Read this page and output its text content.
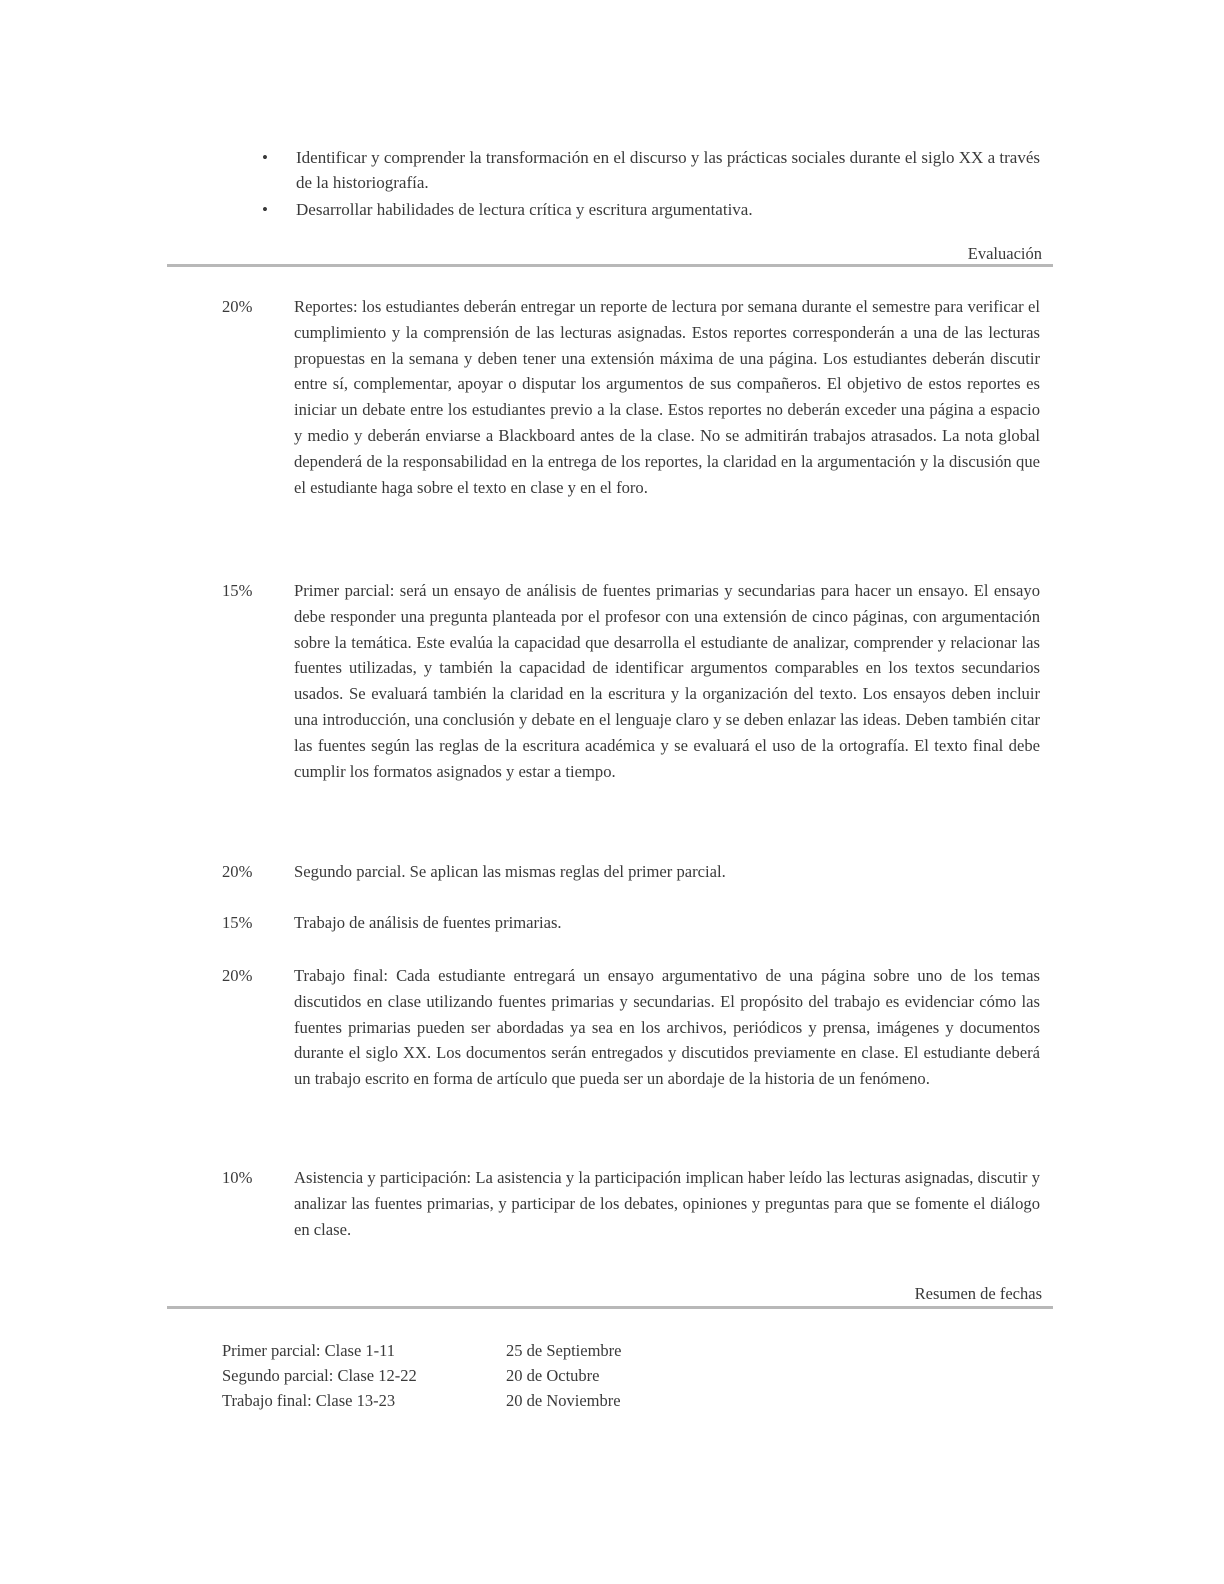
•	Identificar y comprender la transformación en el discurso y las prácticas sociales durante el siglo XX a través de la historiografía.
•	Desarrollar habilidades de lectura crítica y escritura argumentativa.
Evaluación
20%	Reportes: los estudiantes deberán entregar un reporte de lectura por semana durante el semestre para verificar el cumplimiento y la comprensión de las lecturas asignadas. Estos reportes corresponderán a una de las lecturas propuestas en la semana y deben tener una extensión máxima de una página. Los estudiantes deberán discutir entre sí, complementar, apoyar o disputar los argumentos de sus compañeros. El objetivo de estos reportes es iniciar un debate entre los estudiantes previo a la clase. Estos reportes no deberán exceder una página a espacio y medio y deberán enviarse a Blackboard antes de la clase. No se admitirán trabajos atrasados. La nota global dependerá de la responsabilidad en la entrega de los reportes, la claridad en la argumentación y la discusión que el estudiante haga sobre el texto en clase y en el foro.
15%	Primer parcial: será un ensayo de análisis de fuentes primarias y secundarias para hacer un ensayo. El ensayo debe responder una pregunta planteada por el profesor con una extensión de cinco páginas, con argumentación sobre la temática. Este evalúa la capacidad que desarrolla el estudiante de analizar, comprender y relacionar las fuentes utilizadas, y también la capacidad de identificar argumentos comparables en los textos secundarios usados. Se evaluará también la claridad en la escritura y la organización del texto. Los ensayos deben incluir una introducción, una conclusión y debate en el lenguaje claro y se deben enlazar las ideas. Deben también citar las fuentes según las reglas de la escritura académica y se evaluará el uso de la ortografía. El texto final debe cumplir los formatos asignados y estar a tiempo.
20%	Segundo parcial. Se aplican las mismas reglas del primer parcial.
15%	Trabajo de análisis de fuentes primarias.
20%	Trabajo final: Cada estudiante entregará un ensayo argumentativo de una página sobre uno de los temas discutidos en clase utilizando fuentes primarias y secundarias. El propósito del trabajo es evidenciar cómo las fuentes primarias pueden ser abordadas ya sea en los archivos, periódicos y prensa, imágenes y documentos durante el siglo XX. Los documentos serán entregados y discutidos previamente en clase. El estudiante deberá un trabajo escrito en forma de artículo que pueda ser un abordaje de la historia de un fenómeno.
10%	Asistencia y participación: La asistencia y la participación implican haber leído las lecturas asignadas, discutir y analizar las fuentes primarias, y participar de los debates, opiniones y preguntas para que se fomente el diálogo en clase.
Resumen de fechas
Primer parcial: Clase 1-11	25 de Septiembre
Segundo parcial: Clase 12-22	20 de Octubre
Trabajo final: Clase 13-23	20 de Noviembre
